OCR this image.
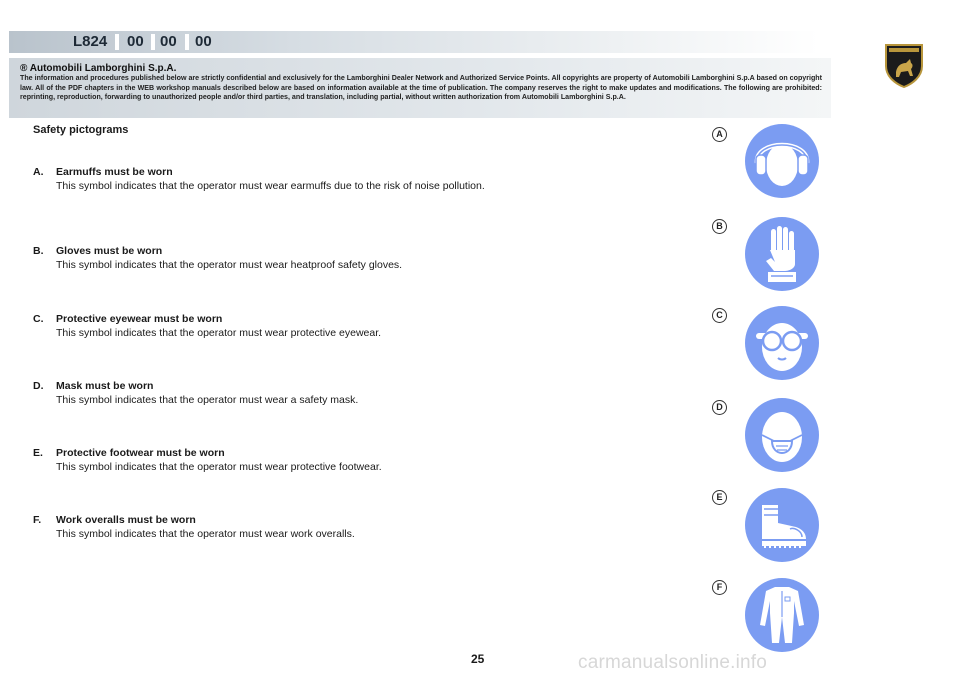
L824 00 00 00
® Automobili Lamborghini S.p.A.
The information and procedures published below are strictly confidential and exclusively for the Lamborghini Dealer Network and Authorized Service Points. All copyrights are property of Automobili Lamborghini S.p.A based on copyright law. All of the PDF chapters in the WEB workshop manuals described below are based on information available at the time of publication. The company reserves the right to make updates and modifications. The following are prohibited: reprinting, reproduction, forwarding to unauthorized people and/or third parties, and translation, including partial, without written authorization from Automobili Lamborghini S.p.A.
Safety pictograms
A. Earmuffs must be worn
This symbol indicates that the operator must wear earmuffs due to the risk of noise pollution.
B. Gloves must be worn
This symbol indicates that the operator must wear heatproof safety gloves.
C. Protective eyewear must be worn
This symbol indicates that the operator must wear protective eyewear.
D. Mask must be worn
This symbol indicates that the operator must wear a safety mask.
E. Protective footwear must be worn
This symbol indicates that the operator must wear protective footwear.
F. Work overalls must be worn
This symbol indicates that the operator must wear work overalls.
A
B
C
D
E
F
25	carmanualsonline.info
